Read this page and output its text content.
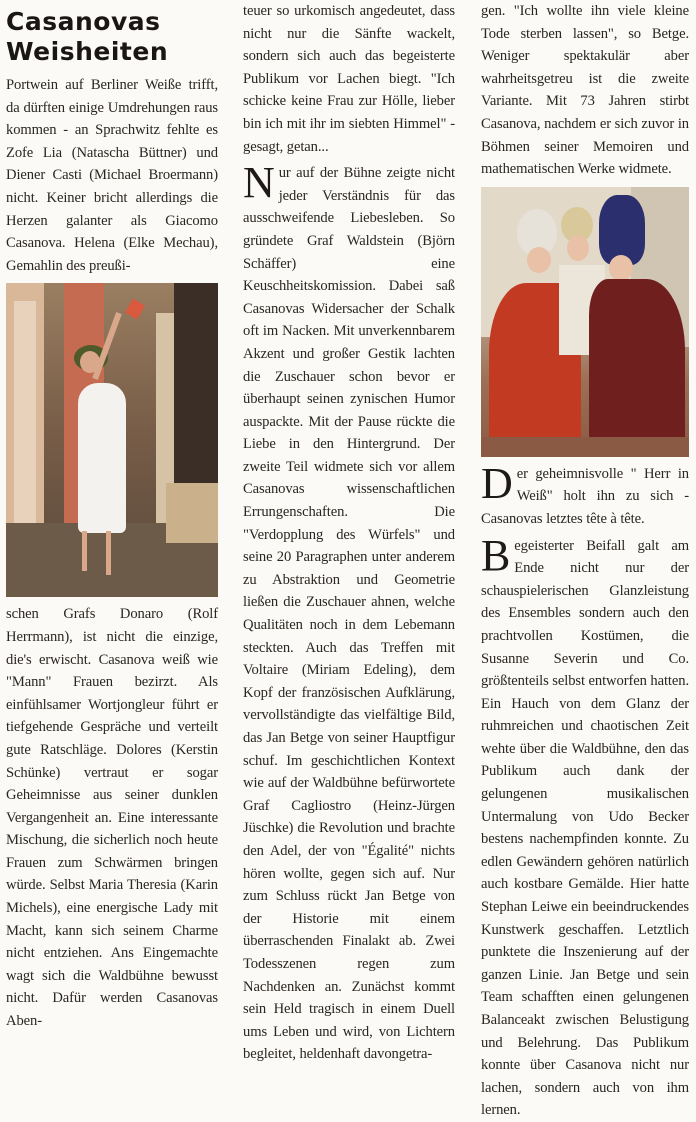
Casanovas
Weisheiten

Portwein auf Berliner Weiße trifft, da dürften einige Umdrehungen raus kommen - an Sprachwitz fehlte es Zofe Lia (Natascha Büttner) und Diener Casti (Michael Broermann) nicht. Keiner bricht allerdings die Herzen galanter als Giacomo Casanova. Helena (Elke Mechau), Gemahlin des preußi-

schen Grafs Donaro (Rolf Herrmann), ist nicht die einzige, die's erwischt. Casanova weiß wie "Mann" Frauen bezirzt. Als einfühlsamer Wortjongleur führt er tiefgehende Gespräche und verteilt gute Ratschläge. Dolores (Kerstin Schünke) vertraut er sogar Geheimnisse aus seiner dunklen Vergangenheit an. Eine interessante Mischung, die sicherlich noch heute Frauen zum Schwärmen bringen würde. Selbst Maria Theresia (Karin Michels), eine energische Lady mit Macht, kann sich seinem Charme nicht entziehen. Ans Eingemachte wagt sich die Waldbühne bewusst nicht. Dafür werden Casanovas Aben-

teuer so urkomisch angedeutet, dass nicht nur die Sänfte wackelt, sondern sich auch das begeisterte Publikum vor Lachen biegt. "Ich schicke keine Frau zur Hölle, lieber bin ich mit ihr im siebten Himmel" - gesagt, getan...

Nur auf der Bühne zeigte nicht jeder Verständnis für das ausschweifende Liebesleben. So gründete Graf Waldstein (Björn Schäffer) eine Keuschheitskomission. Dabei saß Casanovas Widersacher der Schalk oft im Nacken. Mit unverkennbarem Akzent und großer Gestik lachten die Zuschauer schon bevor er überhaupt seinen zynischen Humor auspackte. Mit der Pause rückte die Liebe in den Hintergrund. Der zweite Teil widmete sich vor allem Casanovas wissenschaftlichen Errungenschaften. Die "Verdopplung des Würfels" und seine 20 Paragraphen unter anderem zu Abstraktion und Geometrie ließen die Zuschauer ahnen, welche Qualitäten noch in dem Lebemann steckten. Auch das Treffen mit Voltaire (Miriam Edeling), dem Kopf der französischen Aufklärung, vervollständigte das vielfältige Bild, das Jan Betge von seiner Hauptfigur schuf. Im geschichtlichen Kontext wie auf der Waldbühne befürwortete Graf Cagliostro (Heinz-Jürgen Jüschke) die Revolution und brachte den Adel, der von "Égalité" nichts hören wollte, gegen sich auf. Nur zum Schluss rückt Jan Betge von der Historie mit einem überraschenden Finalakt ab. Zwei Todesszenen regen zum Nachdenken an. Zunächst kommt sein Held tragisch in einem Duell ums Leben und wird, von Lichtern begleitet, heldenhaft davongetra-

gen. "Ich wollte ihn viele kleine Tode sterben lassen", so Betge. Weniger spektakulär aber wahrheitsgetreu ist die zweite Variante. Mit 73 Jahren stirbt Casanova, nachdem er sich zuvor in Böhmen seiner Memoiren und mathematischen Werke widmete.

Der geheimnisvolle " Herr in Weiß" holt ihn zu sich - Casanovas letztes tête à tête.

Begeisterter Beifall galt am Ende nicht nur der schauspielerischen Glanzleistung des Ensembles sondern auch den prachtvollen Kostümen, die Susanne Severin und Co. größtenteils selbst entworfen hatten. Ein Hauch von dem Glanz der ruhmreichen und chaotischen Zeit wehte über die Waldbühne, den das Publikum auch dank der gelungenen musikalischen Untermalung von Udo Becker bestens nachempfinden konnte. Zu edlen Gewändern gehören natürlich auch kostbare Gemälde. Hier hatte Stephan Leiwe ein beeindruckendes Kunstwerk geschaffen. Letztlich punktete die Inszenierung auf der ganzen Linie. Jan Betge und sein Team schafften einen gelungenen Balanceakt zwischen Belustigung und Belehrung. Das Publikum konnte über Casanova nicht nur lachen, sondern auch von ihm lernen.
